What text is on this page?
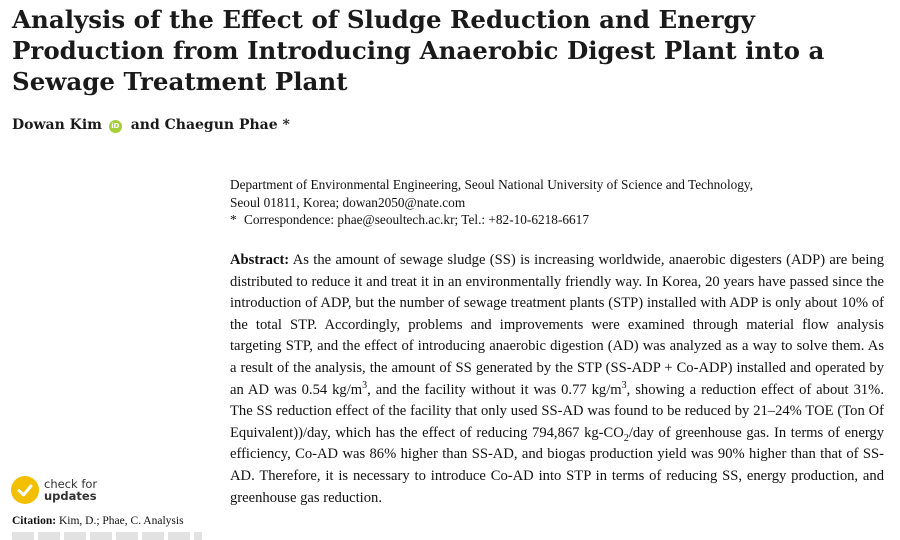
Analysis of the Effect of Sludge Reduction and Energy Production from Introducing Anaerobic Digest Plant into a Sewage Treatment Plant
Dowan Kim iD and Chaegun Phae *
Department of Environmental Engineering, Seoul National University of Science and Technology,
Seoul 01811, Korea; dowan2050@nate.com
* Correspondence: phae@seoultech.ac.kr; Tel.: +82-10-6218-6617

Abstract: As the amount of sewage sludge (SS) is increasing worldwide, anaerobic digesters (ADP) are being distributed to reduce it and treat it in an environmentally friendly way. In Korea, 20 years have passed since the introduction of ADP, but the number of sewage treatment plants (STP) installed with ADP is only about 10% of the total STP. Accordingly, problems and improvements were examined through material flow analysis targeting STP, and the effect of introducing anaerobic digestion (AD) was analyzed as a way to solve them. As a result of the analysis, the amount of SS generated by the STP (SS-ADP + Co-ADP) installed and operated by an AD was 0.54 $kg/m^3$, and the facility without it was 0.77 $kg/m^3$, showing a reduction effect of about 31%. The SS reduction effect of the facility that only used SS-AD was found to be reduced by 21–24% TOE (Ton Of Equivalent))/day, which has the effect of reducing 794,867 $kg-CO_2$/day of greenhouse gas. In terms of energy efficiency, Co-AD was 86% higher than SS-AD, and biogas production yield was 90% higher than that of SS-AD. Therefore, it is necessary to introduce Co-AD into STP in terms of reducing SS, energy production, and greenhouse gas reduction.

check for
updates
Citation: Kim, D.; Phae, C. Analysis
